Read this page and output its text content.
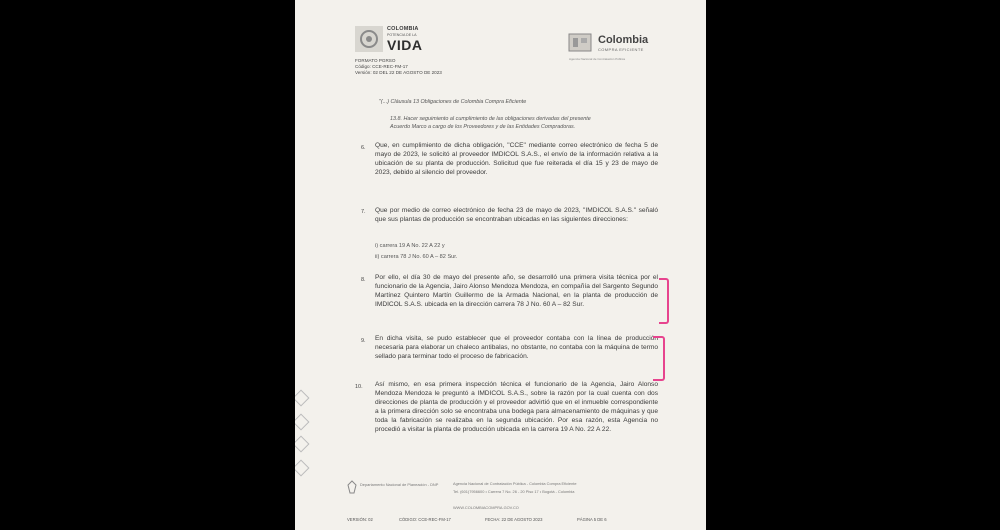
COLOMBIA
POTENCIA DE LA
VIDA	Colombia
COMPRA EFICIENTE
Agencia Nacional de Contratación Pública
FORMATO PGRSO
Código: CCE-REC-FM-17
Versión: 02 DEL 22 DE AGOSTO DE 2023
"(...) Cláusula 13 Obligaciones de Colombia Compra Eficiente
13.8. Hacer seguimiento al cumplimiento de las obligaciones derivadas del presente
Acuerdo Marco a cargo de los Proveedores y de las Entidades Compradoras.
6. Que, en cumplimiento de dicha obligación, "CCE" mediante correo electrónico de fecha 5 de mayo de 2023, le solicitó al proveedor IMDICOL S.A.S., el envío de la información relativa a la ubicación de su planta de producción. Solicitud que fue reiterada el día 15 y 23 de mayo de 2023, debido al silencio del proveedor.
7. Que por medio de correo electrónico de fecha 23 de mayo de 2023, "IMDICOL S.A.S." señaló que sus plantas de producción se encontraban ubicadas en las siguientes direcciones:
i) carrera 19 A No. 22 A 22 y
ii) carrera 78 J No. 60 A – 82 Sur.
8. Por ello, el día 30 de mayo del presente año, se desarrolló una primera visita técnica por el funcionario de la Agencia, Jairo Alonso Mendoza Mendoza, en compañía del Sargento Segundo Martínez Quintero Martín Guillermo de la Armada Nacional, en la planta de producción de IMDICOL S.A.S. ubicada en la dirección carrera 78 J No. 60 A – 82 Sur.
9. En dicha visita, se pudo establecer que el proveedor contaba con la línea de producción necesaria para elaborar un chaleco antibalas, no obstante, no contaba con la máquina de termo sellado para terminar todo el proceso de fabricación.
10. Así mismo, en esa primera inspección técnica el funcionario de la Agencia, Jairo Alonso Mendoza Mendoza le preguntó a IMDICOL S.A.S., sobre la razón por la cual cuenta con dos direcciones de planta de producción y el proveedor advirtió que en el inmueble correspondiente a la primera dirección solo se encontraba una bodega para almacenamiento de máquinas y que toda la fabricación se realizaba en la segunda ubicación. Por esa razón, esta Agencia no procedió a visitar la planta de producción ubicada en la carrera 19 A No. 22 A 22.
Departamento Nacional de Planeación - DNP	Agencia Nacional de Contratación Pública - Colombia Compra Eficiente
Tel. (601)7956600 • Carrera 7 No. 26 - 20 Piso 17 • Bogotá - Colombia
WWW.COLOMBIACOMPRA.GOV.CO
VERSIÓN: 02	CÓDIGO: CCE-REC-FM-17	FECHA: 22 DE AGOSTO 2023	PÁGINA 5 DE 6
